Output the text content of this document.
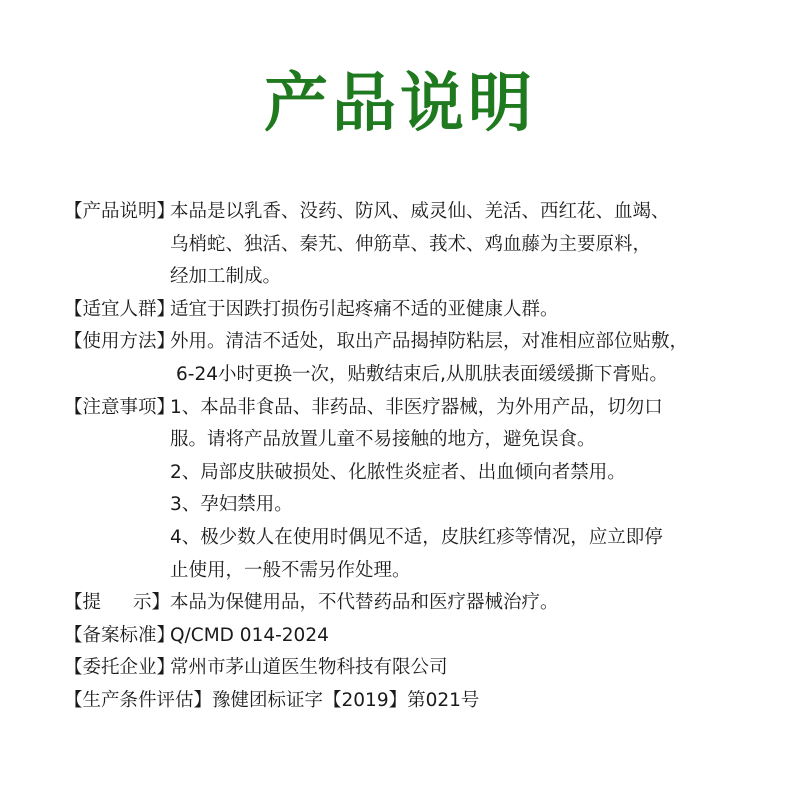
产品说明
【产品说明】
本品是以乳香、没药、防风、威灵仙、羌活、西红花、血竭、
乌梢蛇、独活、秦艽、伸筋草、莪术、鸡血藤为主要原料，
经加工制成。
【适宜人群】
适宜于因跌打损伤引起疼痛不适的亚健康人群。
【使用方法】
外用。清洁不适处，取出产品揭掉防粘层，对准相应部位贴敷，
6-24小时更换一次，贴敷结束后,从肌肤表面缓缓撕下膏贴。
【注意事项】
1、本品非食品、非药品、非医疗器械，为外用产品，切勿口
服。请将产品放置儿童不易接触的地方，避免误食。
2、局部皮肤破损处、化脓性炎症者、出血倾向者禁用。
3、孕妇禁用。
4、极少数人在使用时偶见不适，皮肤红疹等情况，应立即停
止使用，一般不需另作处理。
【提 示】 本品为保健用品，不代替药品和医疗器械治疗。
【备案标准】
Q/CMD 014-2024
【委托企业】
常州市茅山道医生物科技有限公司
【生产条件评估】 豫健团标证字【2019】第021号
